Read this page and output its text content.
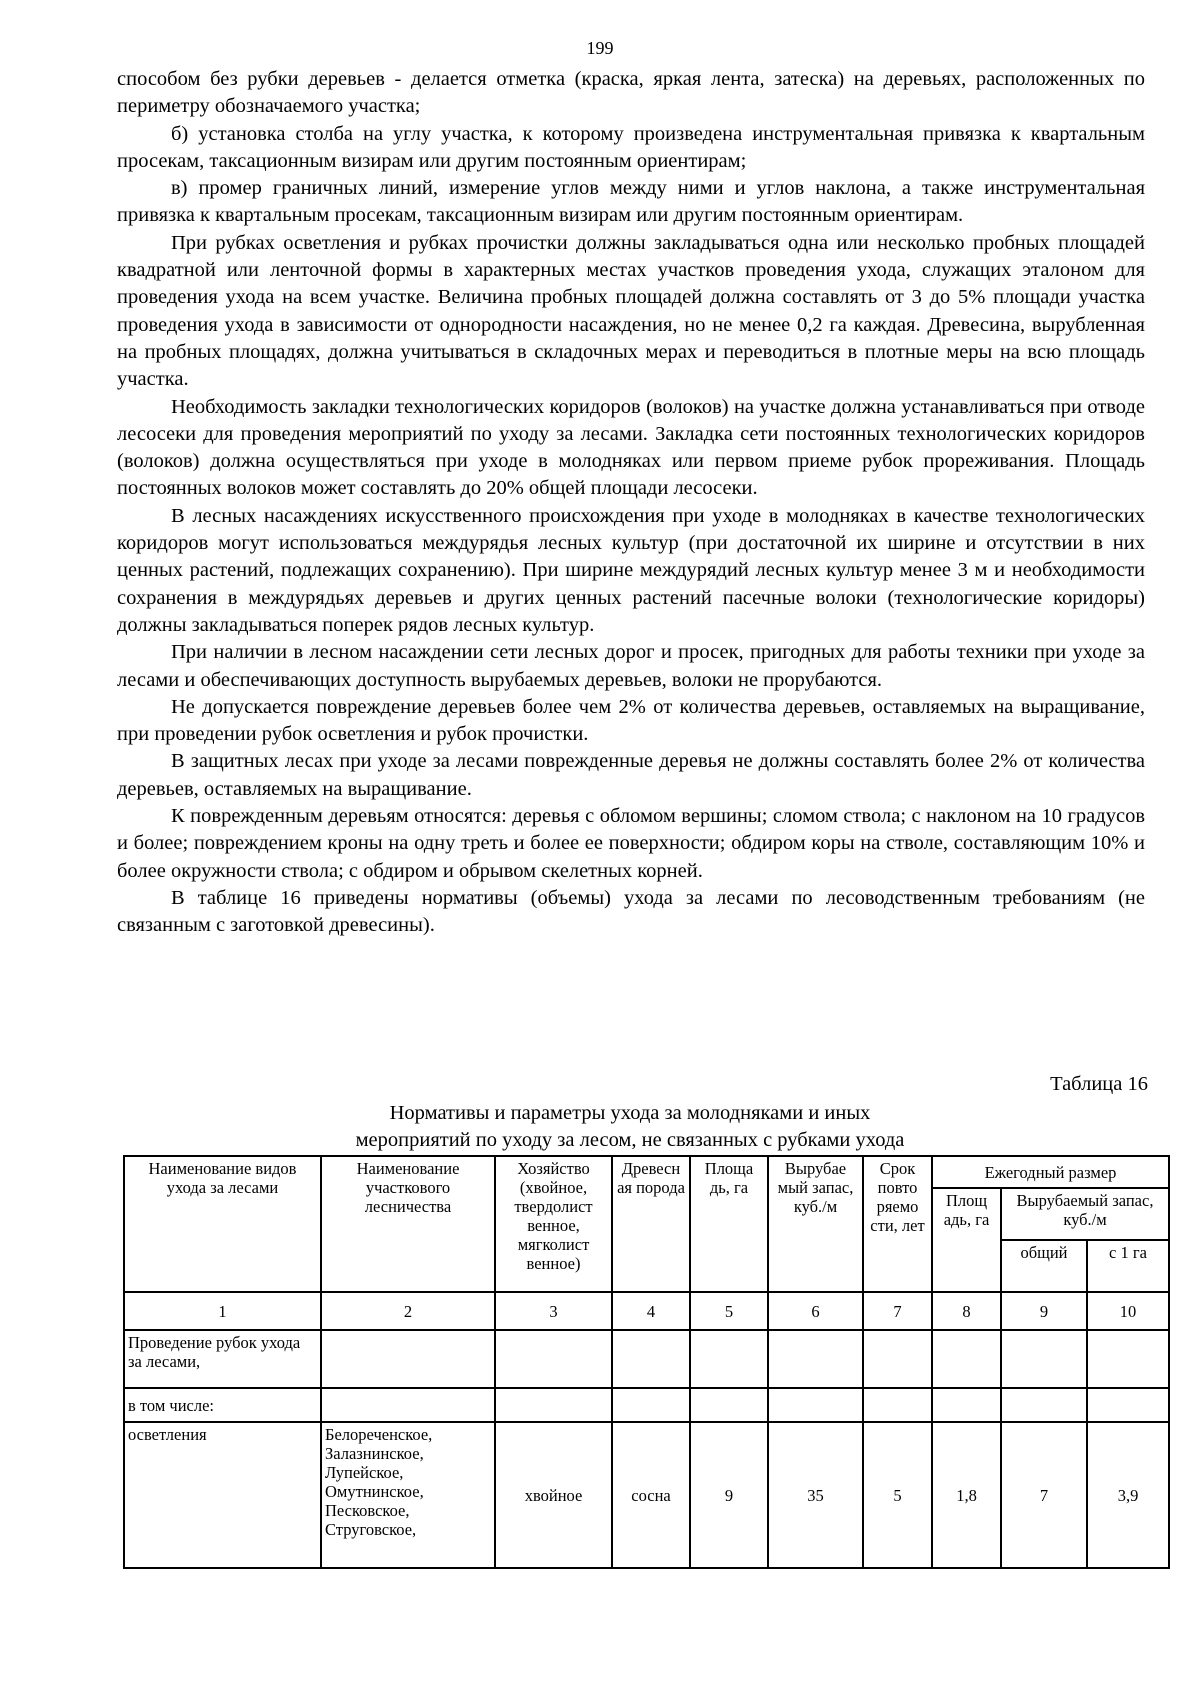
199

способом без рубки деревьев - делается отметка (краска, яркая лента, затеска) на деревьях, расположенных по периметру обозначаемого участка;

б) установка столба на углу участка, к которому произведена инструментальная привязка к квартальным просекам, таксационным визирам или другим постоянным ориентирам;

в) промер граничных линий, измерение углов между ними и углов наклона, а также инструментальная привязка к квартальным просекам, таксационным визирам или другим постоянным ориентирам.

При рубках осветления и рубках прочистки должны закладываться одна или несколько пробных площадей квадратной или ленточной формы в характерных местах участков проведения ухода, служащих эталоном для проведения ухода на всем участке. Величина пробных площадей должна составлять от 3 до 5% площади участка проведения ухода в зависимости от однородности насаждения, но не менее 0,2 га каждая. Древесина, вырубленная на пробных площадях, должна учитываться в складочных мерах и переводиться в плотные меры на всю площадь участка.

Необходимость закладки технологических коридоров (волоков) на участке должна устанавливаться при отводе лесосеки для проведения мероприятий по уходу за лесами. Закладка сети постоянных технологических коридоров (волоков) должна осуществляться при уходе в молодняках или первом приеме рубок прореживания. Площадь постоянных волоков может составлять до 20% общей площади лесосеки.

В лесных насаждениях искусственного происхождения при уходе в молодняках в качестве технологических коридоров могут использоваться междурядья лесных культур (при достаточной их ширине и отсутствии в них ценных растений, подлежащих сохранению). При ширине междурядий лесных культур менее 3 м и необходимости сохранения в междурядьях деревьев и других ценных растений пасечные волоки (технологические коридоры) должны закладываться поперек рядов лесных культур.

При наличии в лесном насаждении сети лесных дорог и просек, пригодных для работы техники при уходе за лесами и обеспечивающих доступность вырубаемых деревьев, волоки не прорубаются.

Не допускается повреждение деревьев более чем 2% от количества деревьев, оставляемых на выращивание, при проведении рубок осветления и рубок прочистки.

В защитных лесах при уходе за лесами поврежденные деревья не должны составлять более 2% от количества деревьев, оставляемых на выращивание.

К поврежденным деревьям относятся: деревья с обломом вершины; сломом ствола; с наклоном на 10 градусов и более; повреждением кроны на одну треть и более ее поверхности; обдиром коры на стволе, составляющим 10% и более окружности ствола; с обдиром и обрывом скелетных корней.

В таблице 16 приведены нормативы (объемы) ухода за лесами по лесоводственным требованиям (не связанным с заготовкой древесины).

Таблица 16
Нормативы и параметры ухода за молодняками и иных
мероприятий по уходу за лесом, не связанных с рубками ухода
Наименование видов ухода за лесами	Наименование участкового лесничества	Хозяйство (хвойное, твердолист венное, мягколист венное)	Древесн ая порода	Площа дь, га	Вырубае мый запас, куб./м	Срок повто ряемо сти, лет	Ежегодный размер		
							Площ адь, га	Вырубаемый запас, куб./м	
								общий	с 1 га
1	2	3	4	5	6	7	8	9	10
Проведение рубок ухода за лесами,									
в том числе:									
осветления	Белореченское, Залазнинское, Лупейское, Омутнинское, Песковское, Струговское,	хвойное	сосна	9	35	5	1,8	7	3,9
